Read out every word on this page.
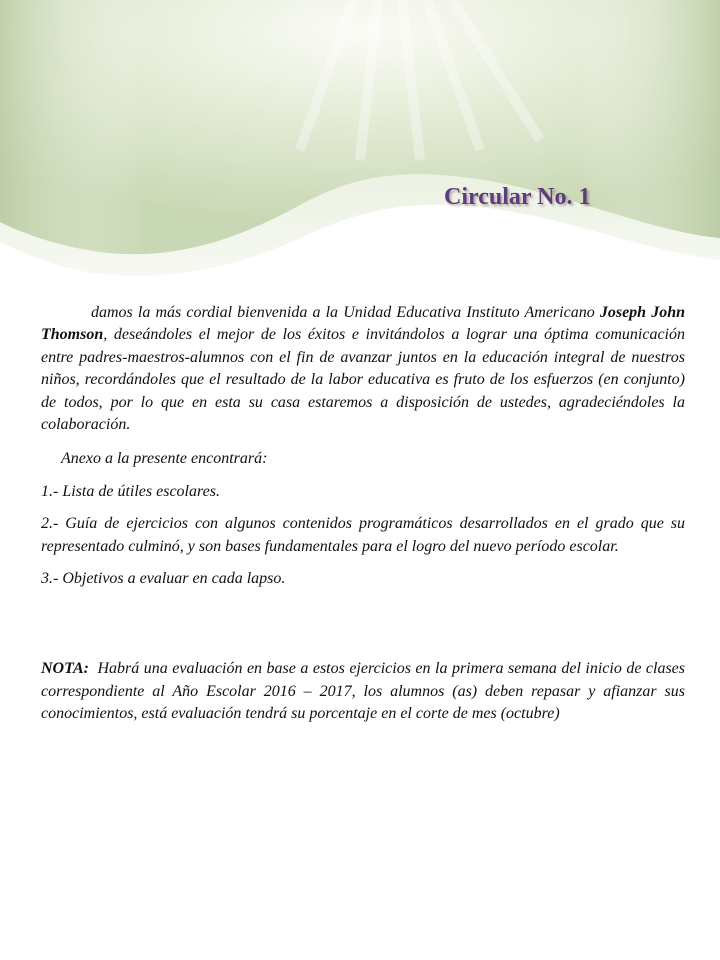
Circular No. 1

damos la más cordial bienvenida a la Unidad Educativa Instituto Americano Joseph John Thomson, deseándoles el mejor de los éxitos e invitándolos a lograr una óptima comunicación entre padres-maestros-alumnos con el fin de avanzar juntos en la educación integral de nuestros niños, recordándoles que el resultado de la labor educativa es fruto de los esfuerzos (en conjunto) de todos, por lo que en esta su casa estaremos a disposición de ustedes, agradeciéndoles la colaboración.

Anexo a la presente encontrará:

1.- Lista de útiles escolares.

2.- Guía de ejercicios con algunos contenidos programáticos desarrollados en el grado que su representado culminó, y son bases fundamentales para el logro del nuevo período escolar.

3.- Objetivos a evaluar en cada lapso.

NOTA: Habrá una evaluación en base a estos ejercicios en la primera semana del inicio de clases correspondiente al Año Escolar 2016 – 2017, los alumnos (as) deben repasar y afianzar sus conocimientos, está evaluación tendrá su porcentaje en el corte de mes (octubre)
